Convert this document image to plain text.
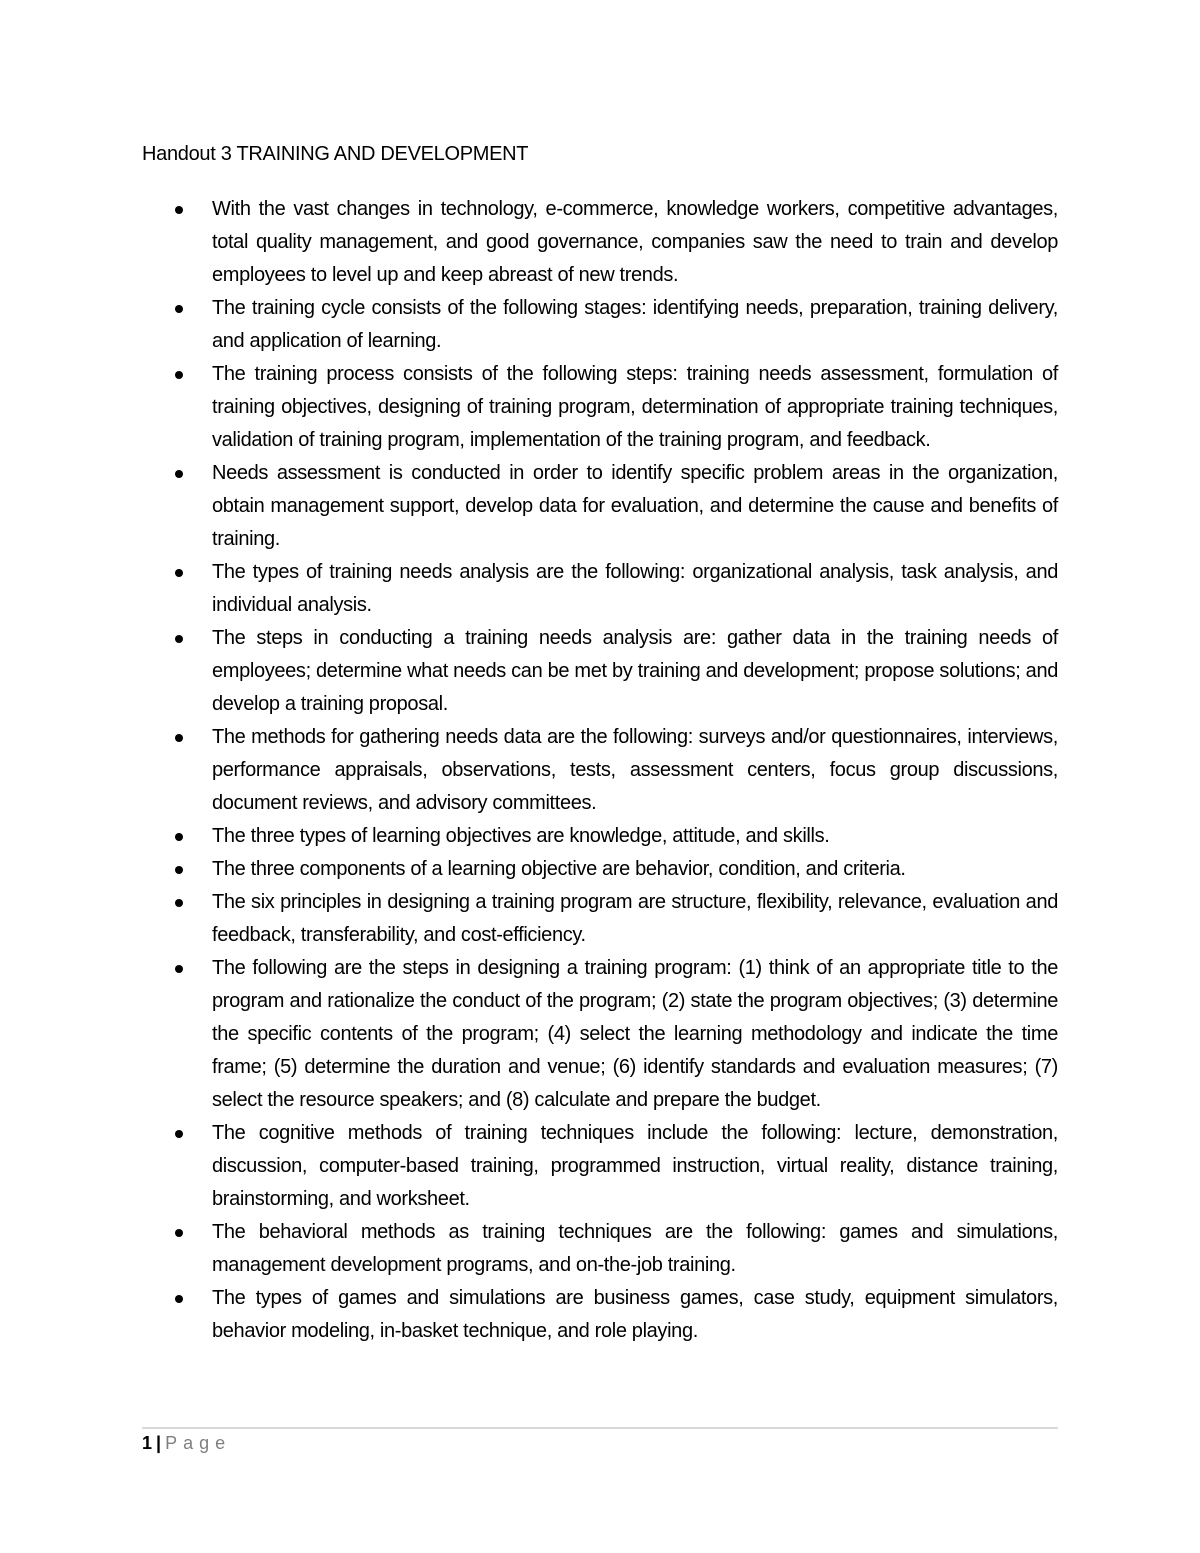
Handout 3 TRAINING AND DEVELOPMENT
With the vast changes in technology, e-commerce, knowledge workers, competitive advantages, total quality management, and good governance, companies saw the need to train and develop employees to level up and keep abreast of new trends.
The training cycle consists of the following stages: identifying needs, preparation, training delivery, and application of learning.
The training process consists of the following steps: training needs assessment, formulation of training objectives, designing of training program, determination of appropriate training techniques, validation of training program, implementation of the training program, and feedback.
Needs assessment is conducted in order to identify specific problem areas in the organization, obtain management support, develop data for evaluation, and determine the cause and benefits of training.
The types of training needs analysis are the following: organizational analysis, task analysis, and individual analysis.
The steps in conducting a training needs analysis are: gather data in the training needs of employees; determine what needs can be met by training and development; propose solutions; and develop a training proposal.
The methods for gathering needs data are the following: surveys and/or questionnaires, interviews, performance appraisals, observations, tests, assessment centers, focus group discussions, document reviews, and advisory committees.
The three types of learning objectives are knowledge, attitude, and skills.
The three components of a learning objective are behavior, condition, and criteria.
The six principles in designing a training program are structure, flexibility, relevance, evaluation and feedback, transferability, and cost-efficiency.
The following are the steps in designing a training program: (1) think of an appropriate title to the program and rationalize the conduct of the program; (2) state the program objectives; (3) determine the specific contents of the program; (4) select the learning methodology and indicate the time frame; (5) determine the duration and venue; (6) identify standards and evaluation measures; (7) select the resource speakers; and (8) calculate and prepare the budget.
The cognitive methods of training techniques include the following: lecture, demonstration, discussion, computer-based training, programmed instruction, virtual reality, distance training, brainstorming, and worksheet.
The behavioral methods as training techniques are the following: games and simulations, management development programs, and on-the-job training.
The types of games and simulations are business games, case study, equipment simulators, behavior modeling, in-basket technique, and role playing.
1 | Page
